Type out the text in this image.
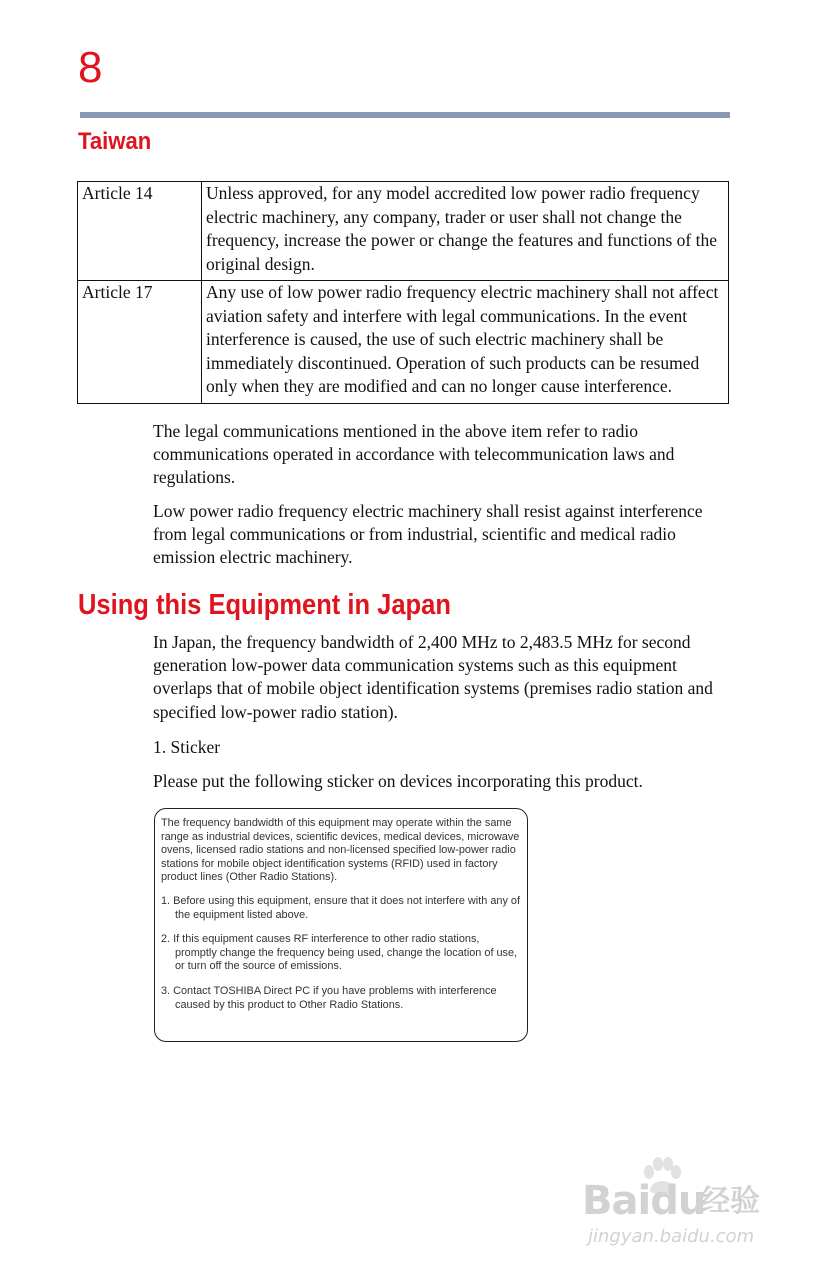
8
Taiwan
Article 14	Unless approved, for any model accredited low power radio frequency electric machinery, any company, trader or user shall not change the frequency, increase the power or change the features and functions of the original design.
Article 17	Any use of low power radio frequency electric machinery shall not affect aviation safety and interfere with legal communications. In the event interference is caused, the use of such electric machinery shall be immediately discontinued. Operation of such products can be resumed only when they are modified and can no longer cause interference.

The legal communications mentioned in the above item refer to radio communications operated in accordance with telecommunication laws and regulations.

Low power radio frequency electric machinery shall resist against interference from legal communications or from industrial, scientific and medical radio emission electric machinery.

Using this Equipment in Japan

In Japan, the frequency bandwidth of 2,400 MHz to 2,483.5 MHz for second generation low-power data communication systems such as this equipment overlaps that of mobile object identification systems (premises radio station and specified low-power radio station).

1. Sticker

Please put the following sticker on devices incorporating this product.

The frequency bandwidth of this equipment may operate within the same range as industrial devices, scientific devices, medical devices, microwave ovens, licensed radio stations and non-licensed specified low-power radio stations for mobile object identification systems (RFID) used in factory product lines (Other Radio Stations).

1. Before using this equipment, ensure that it does not interfere with any of the equipment listed above.

2. If this equipment causes RF interference to other radio stations, promptly change the frequency being used, change the location of use, or turn off the source of emissions.

3. Contact TOSHIBA Direct PC if you have problems with interference caused by this product to Other Radio Stations.

Baidu
经验
jingyan.baidu.com
